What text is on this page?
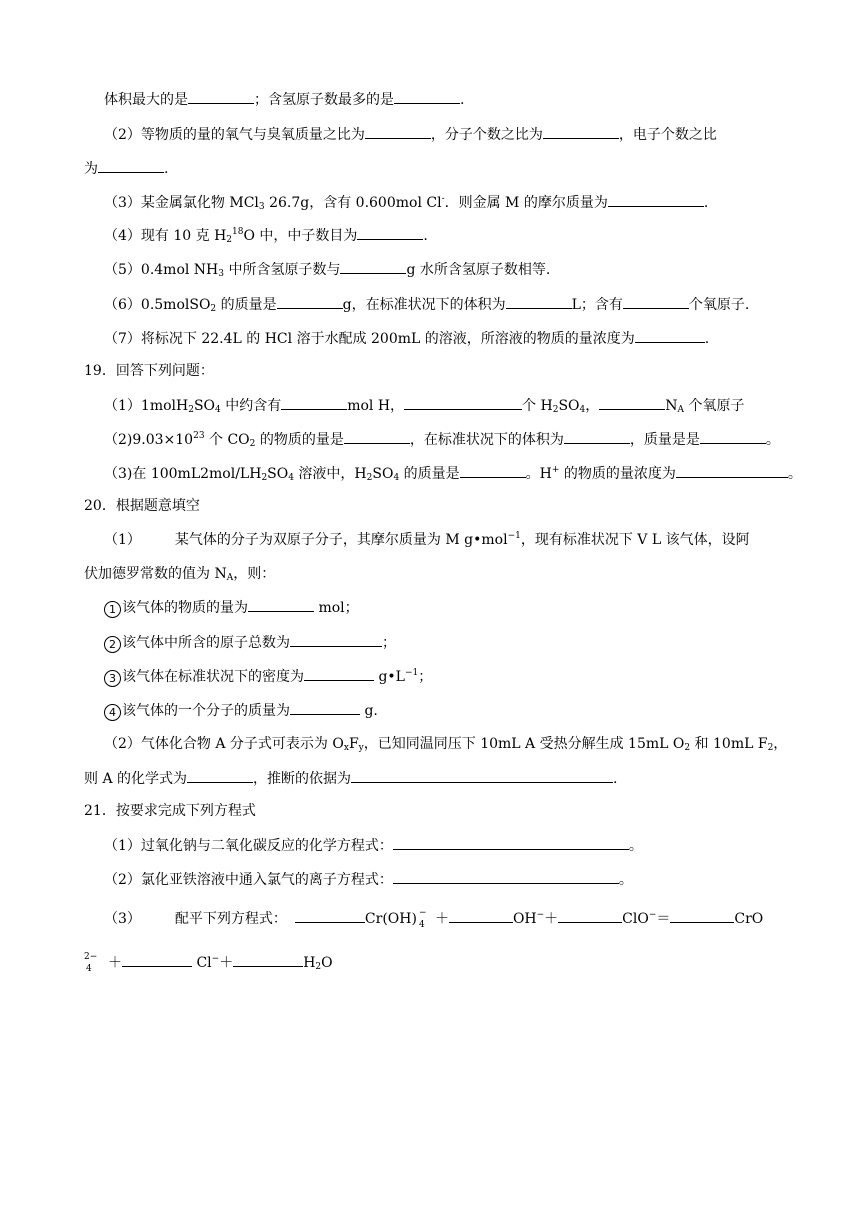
体积最大的是	；含氢原子数最多的是	.
（2）等物质的量的氧气与臭氧质量之比为	，分子个数之比为	，电子个数之比
为	.
（3）某金属氯化物 MCl$_3$ 26.7g，含有 0.600mol Cl-．则金属 M 的摩尔质量为	.
（4）现有 10 克 $H_2^{18}O$ 中，中子数目为	.
（5）0.4mol $NH_3$ 中所含氢原子数与	g 水所含氢原子数相等.
（6）0.5molSO$_2$ 的质量是	g，在标准状况下的体积为	L；含有	个氧原子.
（7）将标况下 22.4L 的 HCl 溶于水配成 200mL 的溶液，所溶液的物质的量浓度为	.
19．回答下列问题：
$(1)1molH_2SO_4$ 中约含有	mol H，	个 $H_2SO_4$，	$N_A$ 个氧原子
$(2)9.03\times 10^{23}$ 个 $CO_2$ 的物质的量是	，在标准状况下的体积为	，质量是是	。
（3)在 $100mL2mol/LH_2SO_4$ 溶液中，$H_2SO_4$ 的质量是	。H+ 的物质的量浓度为	。
20．根据题意填空
（1） 某气体的分子为双原子分子，其摩尔质量为 M g•mol$^{-1}$，现有标准状况下 V L 该气体，设阿
伏加德罗常数的值为 $N_A$，则：
1 该气体的物质的量为	mol；
2 该气体中所含的原子总数为	；
3 该气体在标准状况下的密度为	$g•L^{-1}$；
4 该气体的一个分子的质量为	g.
（2）气体化合物 A 分子式可表示为 $O_xF_y$，已知同温同压下 10mL A 受热分解生成 15mL $O_2$ 和 10mL $F_2$，
则 A 的化学式为	，推断的依据为	.
21．按要求完成下列方程式
（1）过氧化钠与二氧化碳反应的化学方程式：	。
（2）氯化亚铁溶液中通入氯气的离子方程式：	。
（3） 配平下列方程式：	Cr(OH) −
4 ＋	OH−＋	ClO−＝	CrO
2−
4 ＋	Cl−＋	$H_2O$
